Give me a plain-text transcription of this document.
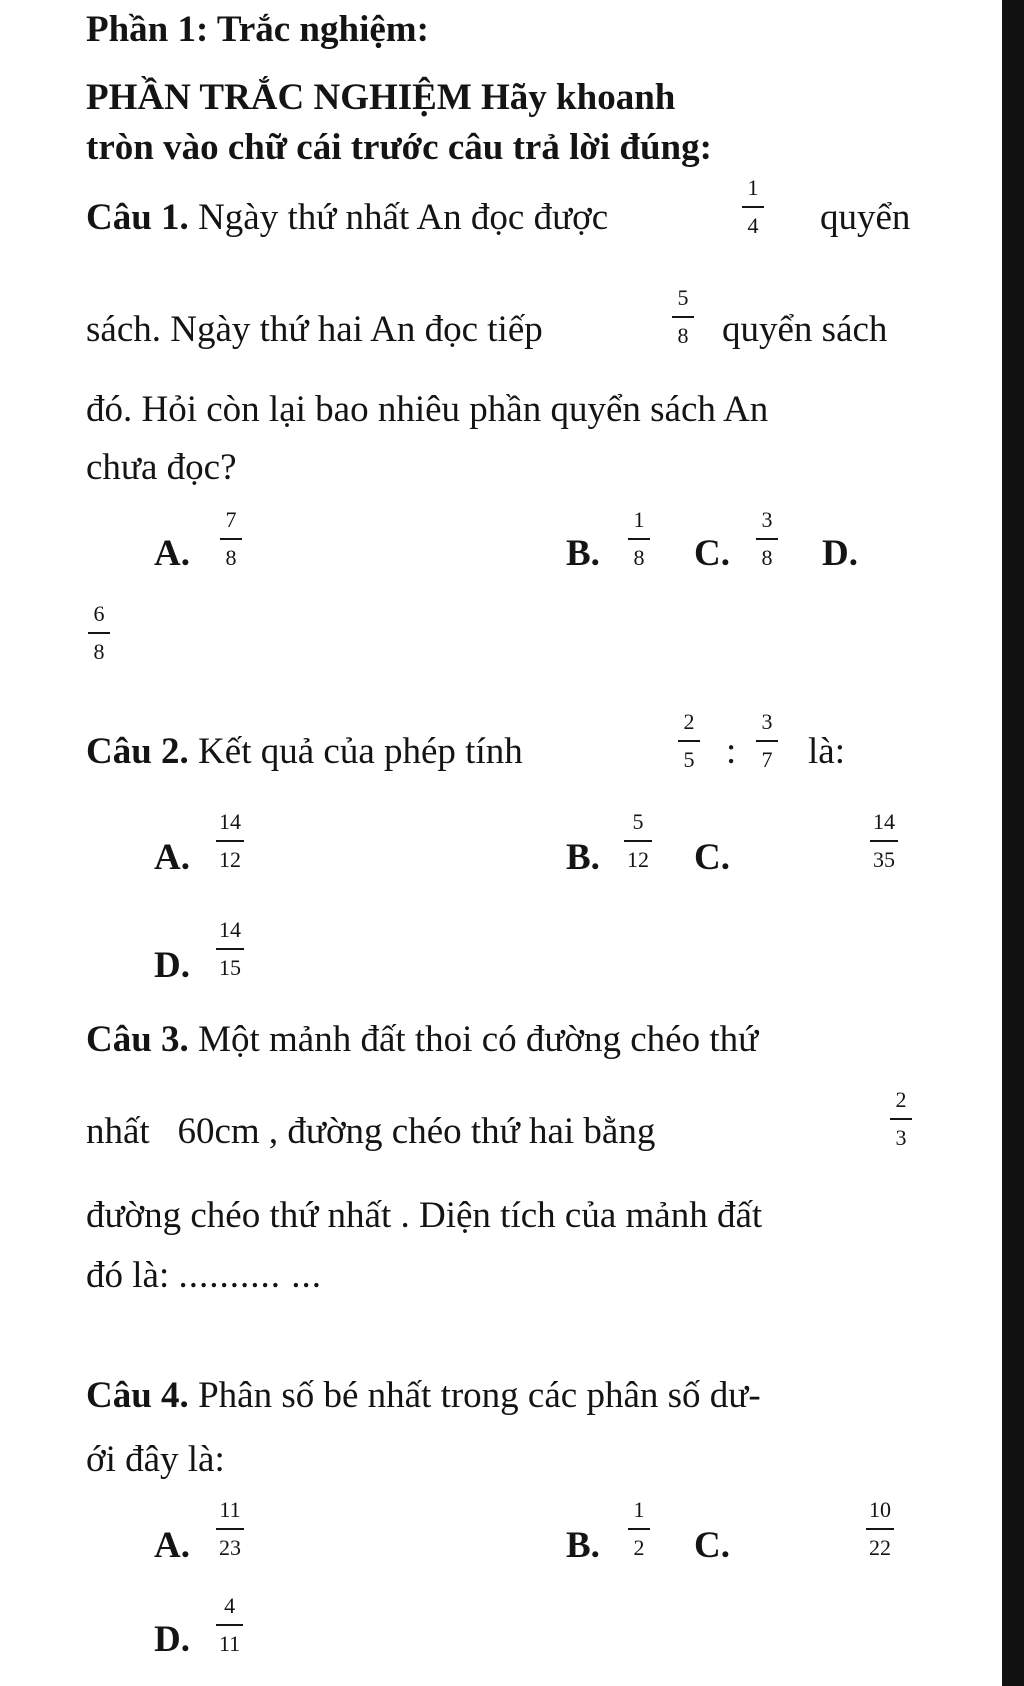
Phần 1: Trắc nghiệm:
PHẦN TRẮC NGHIỆM Hãy khoanh
tròn vào chữ cái trước câu trả lời đúng:
Câu 1. Ngày thứ nhất An đọc được
1
4 quyển
sách. Ngày thứ hai An đọc tiếp
5
8 quyển sách
đó. Hỏi còn lại bao nhiêu phần quyển sách An
chưa đọc?
A.
7
8	B.
1
8 C.
3
8 D.
6
8
Câu 2. Kết quả của phép tính
2
5 :
3
7 là:
A.
14
12	B.
5
12 C.
14
35
D.
14
15
Câu 3. Một mảnh đất thoi có đường chéo thứ
nhất   60cm , đường chéo thứ hai bằng
2
3
đường chéo thứ nhất . Diện tích của mảnh đất
đó là: .......... ...
Câu 4. Phân số bé nhất trong các phân số dư-
ới đây là:
A.
11
23	B.
1
2 C.
10
22
D.
4
11
